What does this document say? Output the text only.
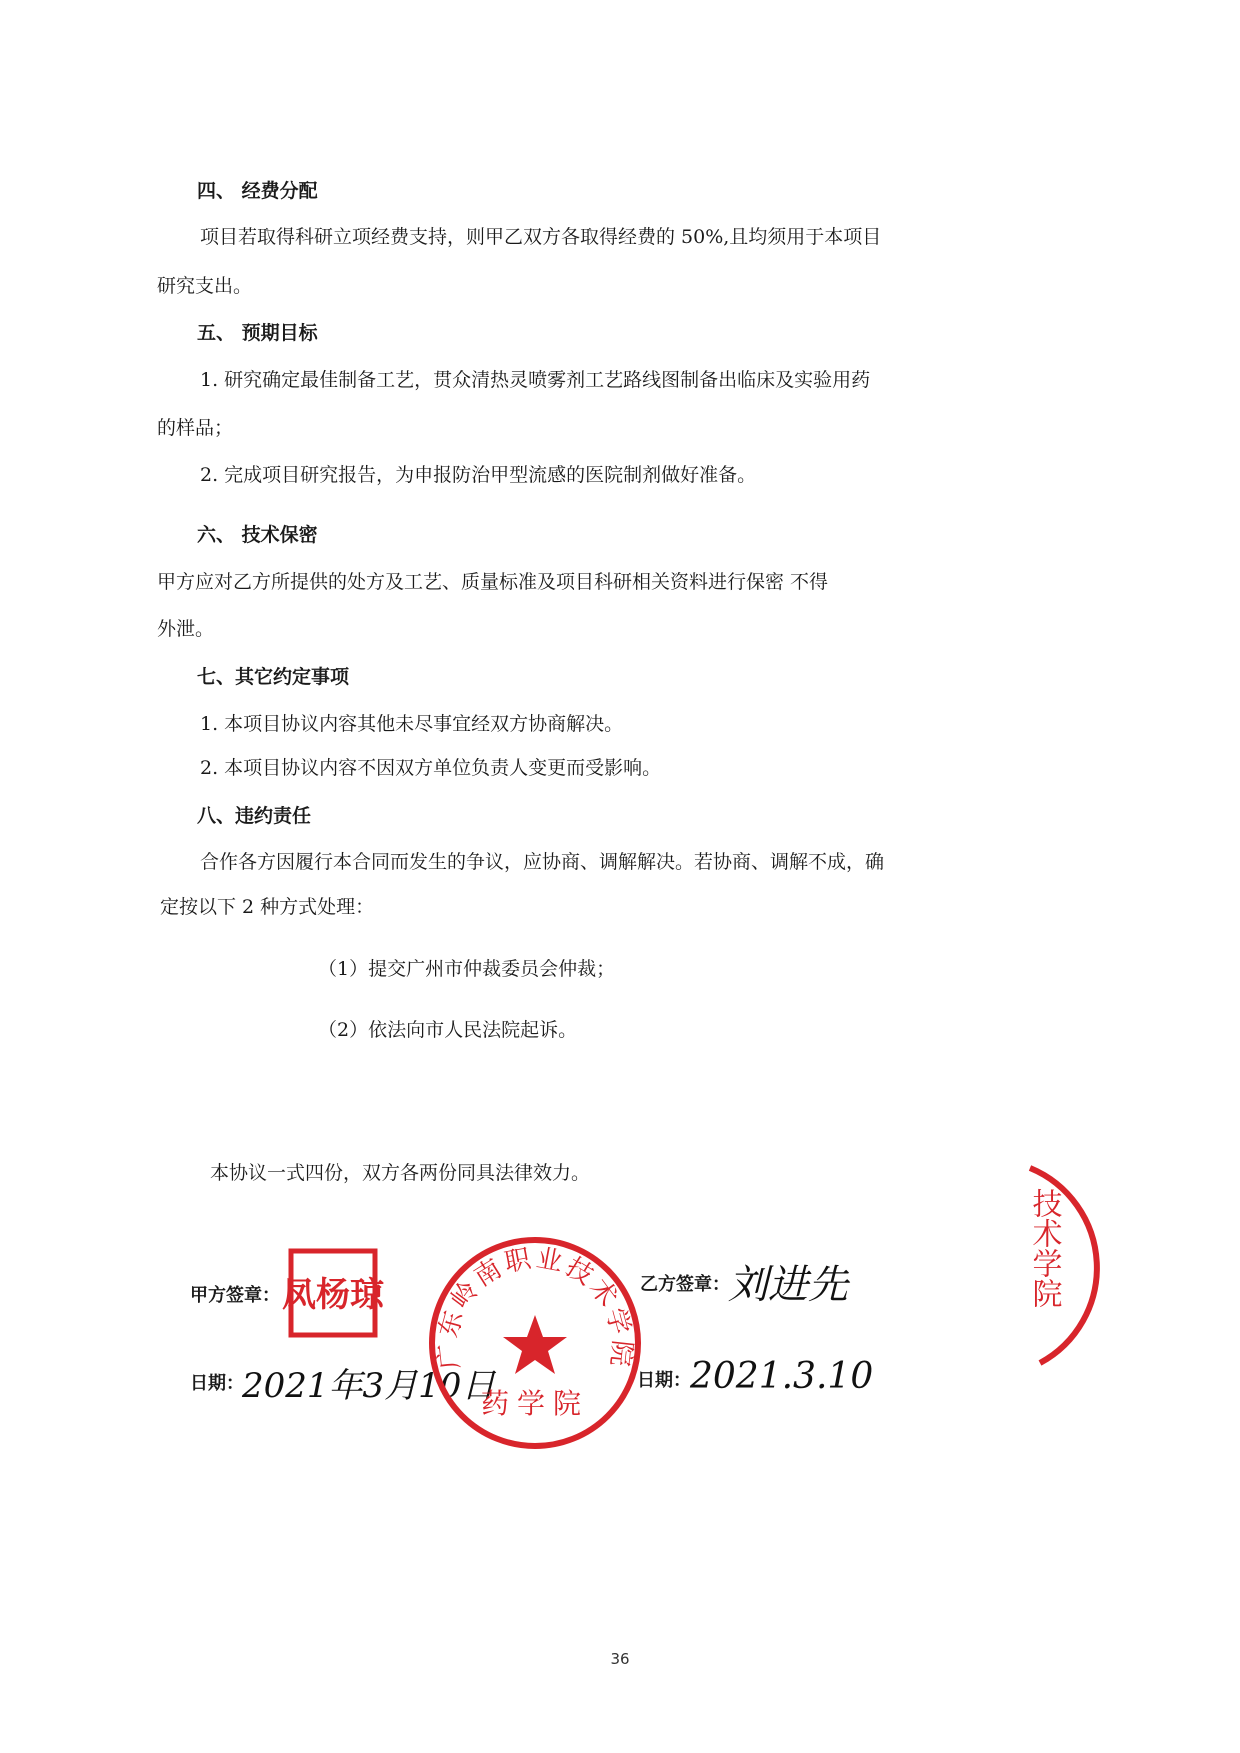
四、 经费分配
项目若取得科研立项经费支持，则甲乙双方各取得经费的 50%,且均须用于本项目
研究支出。
五、 预期目标
1. 研究确定最佳制备工艺，贯众清热灵喷雾剂工艺路线图制备出临床及实验用药
的样品；
2. 完成项目研究报告，为申报防治甲型流感的医院制剂做好准备。
六、 技术保密
甲方应对乙方所提供的处方及工艺、质量标准及项目科研相关资料进行保密 不得
外泄。
七、其它约定事项
1. 本项目协议内容其他未尽事宜经双方协商解决。
2. 本项目协议内容不因双方单位负责人变更而受影响。
八、违约责任
合作各方因履行本合同而发生的争议，应协商、调解解决。若协商、调解不成，确
定按以下 2 种方式处理：
（1）提交广州市仲裁委员会仲裁；
（2）依法向市人民法院起诉。
本协议一式四份，双方各两份同具法律效力。
甲方签章： 凤杨琼
日期：
2021年3月10日
广东岭南职业技术学院
药学院
乙方签章：
刘进先
日期： 2021.3.10
技术学院
36
